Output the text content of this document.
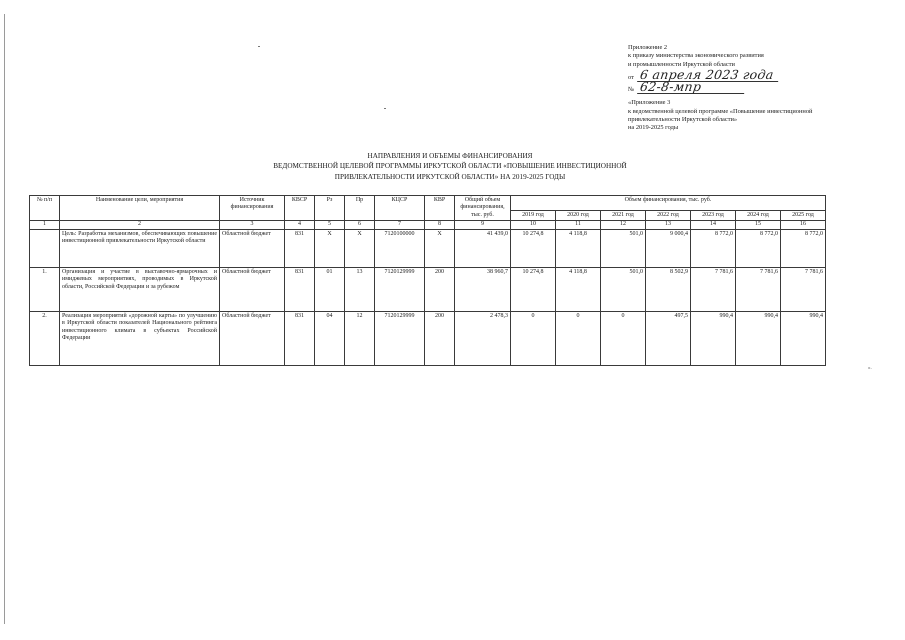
Приложение 2
к приказу министерства экономического развития
и промышленности Иркутской области
от 6 апреля 2023 года
№ 62-8-мпр
«Приложение 3
к ведомственной целевой программе «Повышение инвестиционной
привлекательности Иркутской области»
на 2019-2025 годы
НАПРАВЛЕНИЯ И ОБЪЕМЫ ФИНАНСИРОВАНИЯ
ВЕДОМСТВЕННОЙ ЦЕЛЕВОЙ ПРОГРАММЫ ИРКУТСКОЙ ОБЛАСТИ «ПОВЫШЕНИЕ ИНВЕСТИЦИОННОЙ
ПРИВЛЕКАТЕЛЬНОСТИ ИРКУТСКОЙ ОБЛАСТИ» НА 2019-2025 ГОДЫ
№ п/п	Наименование цели, мероприятия	Источник финансирования	КВСР	Рз	Пр	КЦСР	КВР	Общий объем финансирования, тыс. руб.	Объем финансирования, тыс. руб.						
									2019 год	2020 год	2021 год	2022 год	2023 год	2024 год	2025 год
1	2	3	4	5	6	7	8	9	10	11	12	13	14	15	16
	Цель: Разработка механизмов, обеспечивающих повышение инвестиционной привлекательности Иркутской области	Областной бюджет	831	Х	Х	7120100000	Х	41 439,0	10 274,8	4 118,8	501,0	9 000,4	8 772,0	8 772,0	8 772,0
1.	Организация и участие в выставочно-ярмарочных и имиджевых мероприятиях, проводимых в Иркутской области, Российской Федерации и за рубежом	Областной бюджет	831	01	13	7120129999	200	38 960,7	10 274,8	4 118,8	501,0	8 502,9	7 781,6	7 781,6	7 781,6
2.	Реализация мероприятий «дорожной карты» по улучшению в Иркутской области показателей Национального рейтинга инвестиционного климата в субъектах Российской Федерации	Областной бюджет	831	04	12	7120129999	200	2 478,3	0	0	0	497,5	990,4	990,4	990,4
».
